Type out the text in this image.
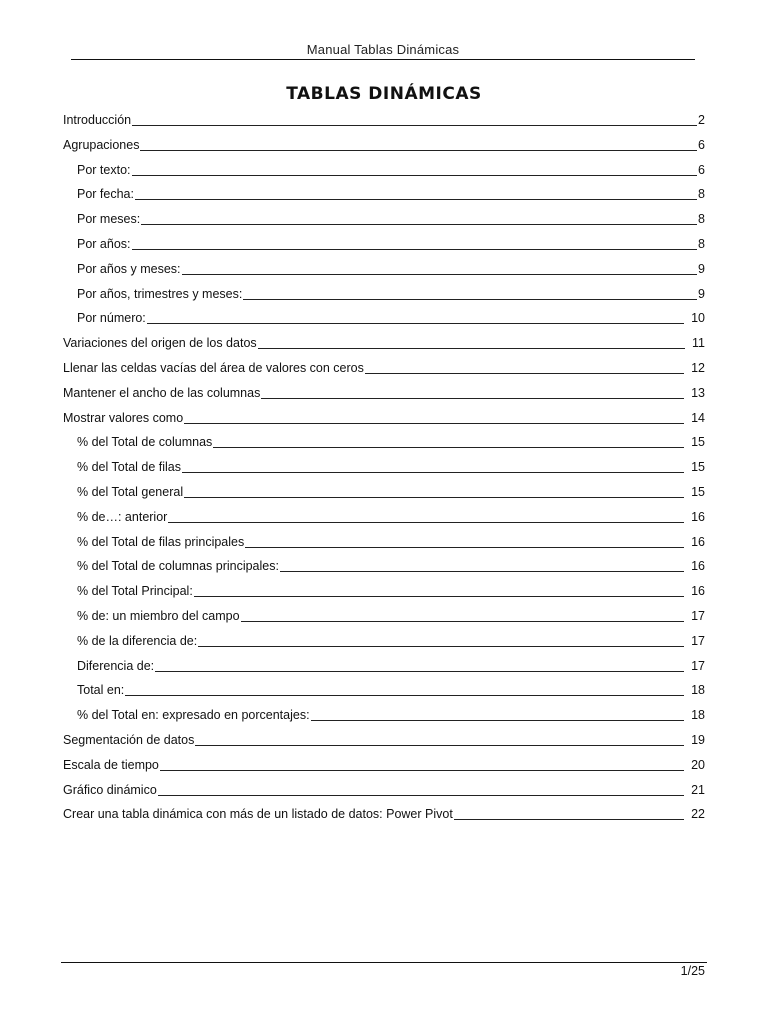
Manual Tablas Dinámicas
TABLAS DINÁMICAS
Introducción	2
Agrupaciones	6
Por texto:	6
Por fecha:	8
Por meses:	8
Por años:	8
Por años y meses:	9
Por años, trimestres y meses:	9
Por número:	10
Variaciones del origen de los datos	11
Llenar las celdas vacías del área de valores con ceros	12
Mantener el ancho de las columnas	13
Mostrar valores como	14
% del Total de columnas	15
% del Total de filas	15
% del Total general	15
% de…: anterior	16
% del Total de filas principales	16
% del Total de columnas principales:	16
% del Total Principal:	16
% de: un miembro del campo	17
% de la diferencia de:	17
Diferencia de:	17
Total en:	18
% del Total en: expresado en porcentajes:	18
Segmentación de datos	19
Escala de tiempo	20
Gráfico dinámico	21
Crear una tabla dinámica con más de un listado de datos: Power Pivot	22
1/25
